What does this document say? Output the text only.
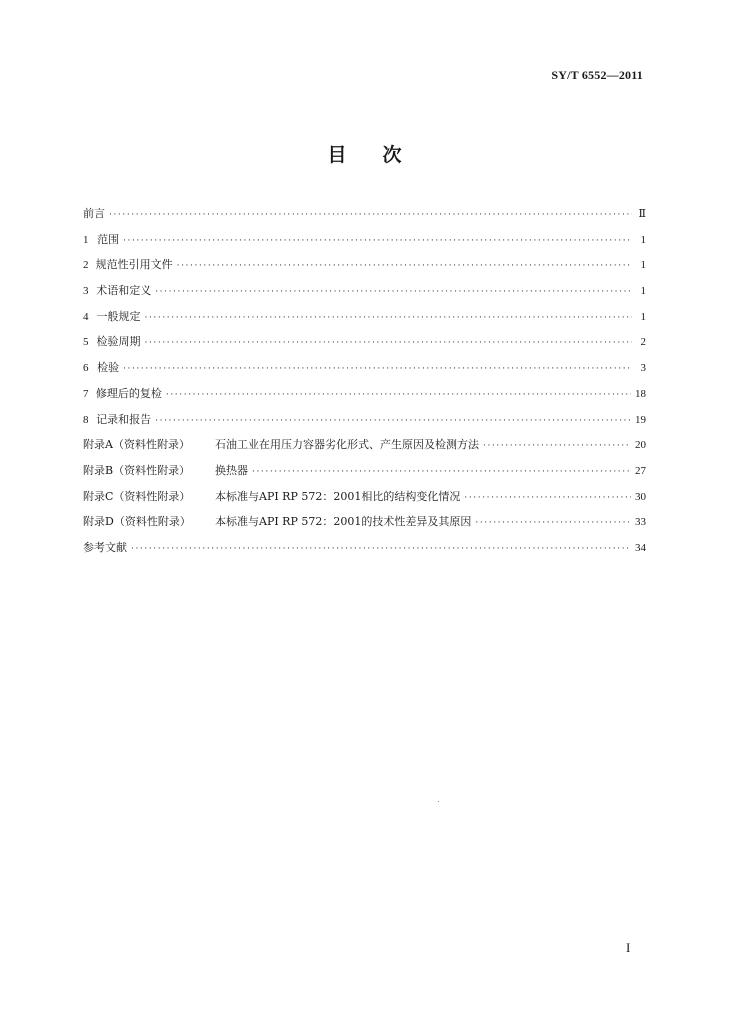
SY/T 6552—2011
目 次
前言 ·····	Ⅱ
1 范围 ·····	1
2 规范性引用文件 ·····	1
3 术语和定义 ·····	1
4 一般规定 ·····	1
5 检验周期 ·····	2
6 检验 ·····	3
7 修理后的复检 ·····	18
8 记录和报告 ·····	19
附录A（资料性附录） 石油工业在用压力容器劣化形式、产生原因及检测方法 ·····	20
附录B（资料性附录） 换热器 ·····	27
附录C（资料性附录） 本标准与API RP 572：2001相比的结构变化情况 ·····	30
附录D（资料性附录） 本标准与API RP 572：2001的技术性差异及其原因 ·····	33
参考文献 ·····	34
I
